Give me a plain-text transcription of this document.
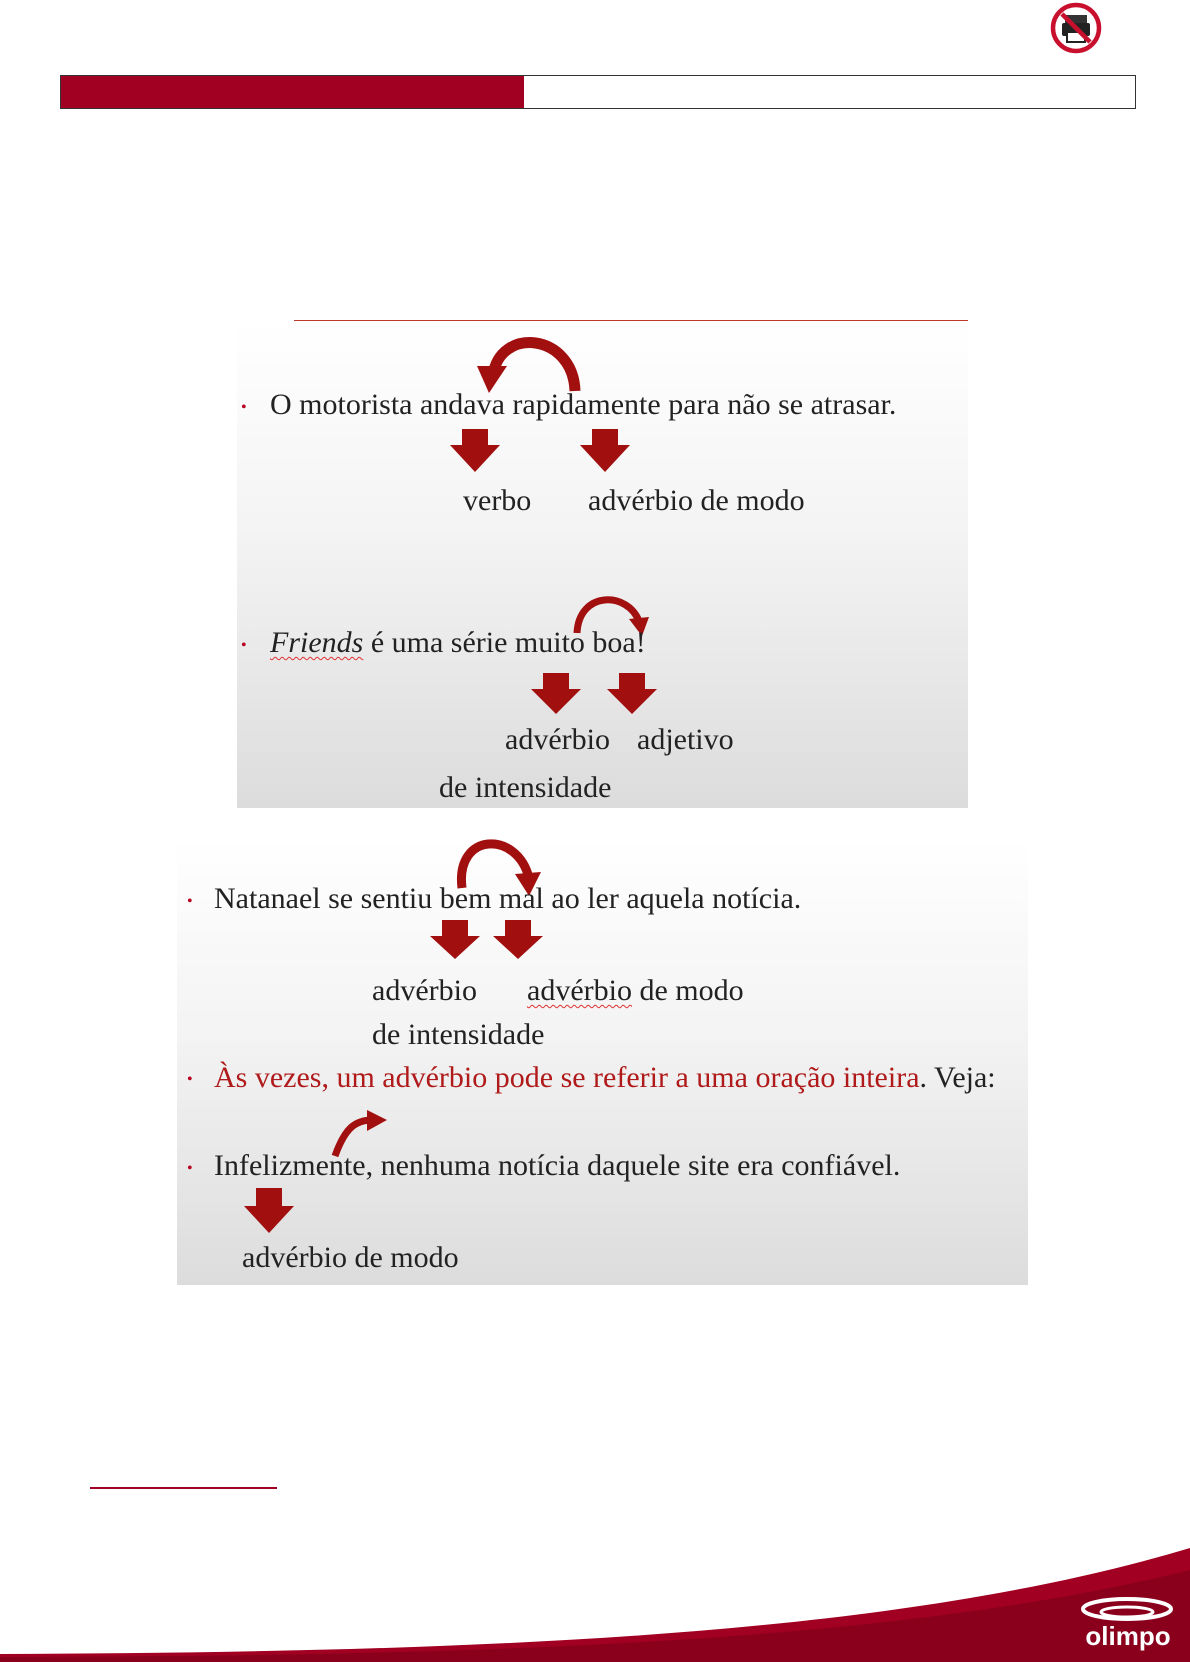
• O motorista andava rapidamente para não se atrasar.
verbo advérbio de modo
• Friends é uma série muito boa!
advérbio adjetivo
de intensidade
• Natanael se sentiu bem mal ao ler aquela notícia.
advérbio advérbio de modo
de intensidade
• Às vezes, um advérbio pode se referir a uma oração inteira. Veja:
• Infelizmente, nenhuma notícia daquele site era confiável.
advérbio de modo
olimpo
